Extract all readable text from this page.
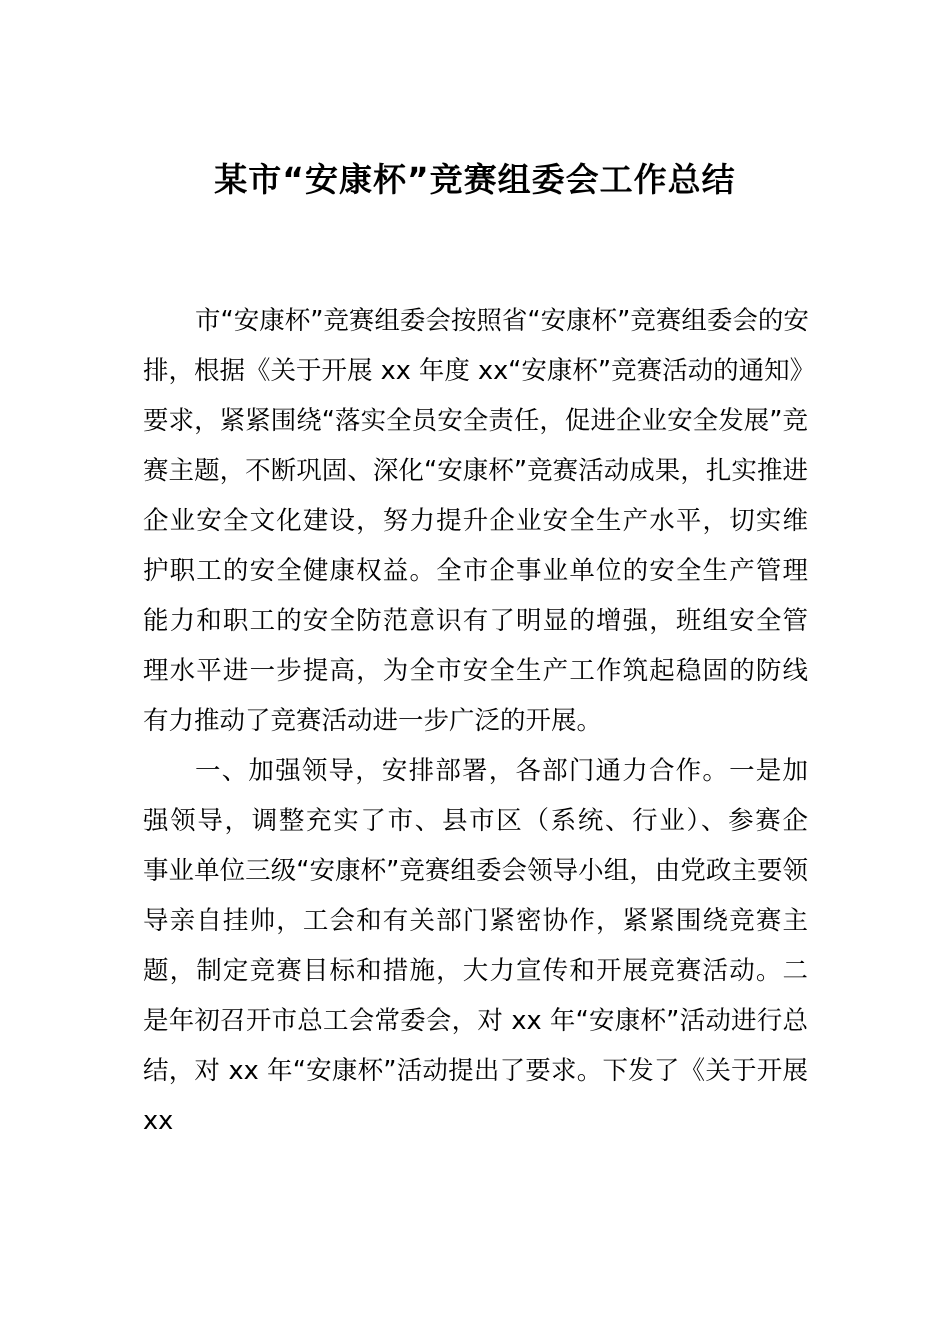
某市“安康杯”竞赛组委会工作总结
市“安康杯”竞赛组委会按照省“安康杯”竞赛组委会的安
排，根据《关于开展 xx 年度 xx“安康杯”竞赛活动的通知》
要求，紧紧围绕“落实全员安全责任，促进企业安全发展”竞
赛主题，不断巩固、深化“安康杯”竞赛活动成果，扎实推进
企业安全文化建设，努力提升企业安全生产水平，切实维
护职工的安全健康权益。全市企事业单位的安全生产管理
能力和职工的安全防范意识有了明显的增强，班组安全管
理水平进一步提高，为全市安全生产工作筑起稳固的防线
有力推动了竞赛活动进一步广泛的开展。
一、加强领导，安排部署，各部门通力合作。一是加
强领导，调整充实了市、县市区（系统、行业）、参赛企
事业单位三级“安康杯”竞赛组委会领导小组，由党政主要领
导亲自挂帅，工会和有关部门紧密协作，紧紧围绕竞赛主
题，制定竞赛目标和措施，大力宣传和开展竞赛活动。二
是年初召开市总工会常委会，对 xx 年“安康杯”活动进行总
结，对 xx 年“安康杯”活动提出了要求。下发了《关于开展
xx
